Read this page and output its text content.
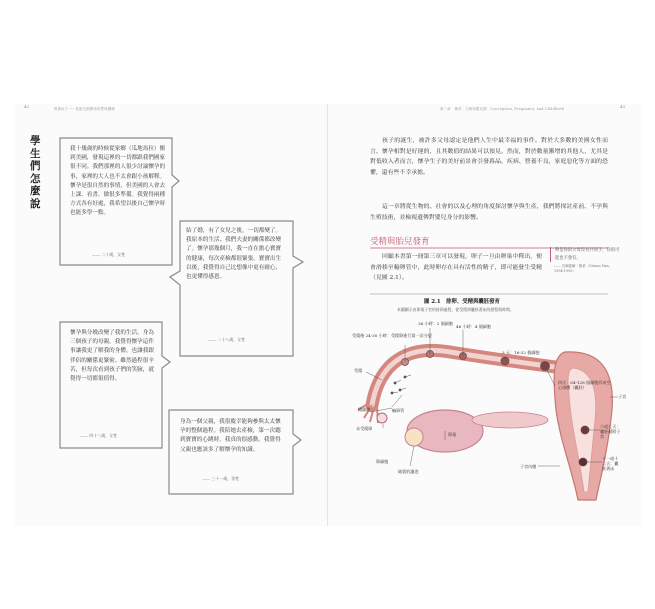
42	教養孩子 ── 從胎兒期開始的愛與關懷
學
生
們
怎
麼
說
我十幾歲的時候從家鄉（瓜地馬拉）搬到美國，發現這裡的一切都跟我們國家很不同。我們那裡的人很少討論懷孕的事，家裡的大人也不太會跟小孩解釋。懷孕是很自然的事情，但美國的人會去上課、看書、做很多準備。我覺得兩種方式各有好處，我希望以後自己懷孕時也能多學一點。
—— 二十歲，女性
結了婚，有了女兒之後，一切都變了。我原本的生活、我們夫妻的關係都改變了。懷孕那幾個月，我一直在擔心寶寶的健康，每次產檢都很緊張。寶寶出生以後，我覺得自己比想像中更有耐心，也更懂得感恩。
—— 二十八歲，女性
懷孕與分娩改變了我的生活。身為三個孩子的母親，我覺得懷孕這件事讓我更了解我的身體，也讓我跟伴侶的關係更緊密。雖然過程很辛苦，但每次看到孩子們的笑臉，就覺得一切都很值得。
—— 四十三歲，女性
身為一個父親，我很慶幸能夠參與太太懷孕的整個過程。我陪她去產檢，第一次聽到寶寶的心跳時，我真的很感動。我覺得父親也應該多了解懷孕的知識。
—— 三十一歲，男性
第二章　懷孕、分娩與嬰兒期　Conception, Pregnancy, and Childbirth	43
孩子的誕生，被許多父母認定是他們人生中最幸福的事件。對於大多數的美國女性而言，懷孕相對是好運的，且其數值的結果可以預見。然而，對於數量漸增的其他人，尤其是對低收入者而言，懷孕生子的美好前景會引發暮晶、疾病、營養不良，家庭惡化等方面的恐懼，還有些不幸承擔。
這一章將從生物的、社會的以及心理的角度探討懷孕與生產，我們將探討產前、不孕與生殖技術，並檢視遺傳對嬰兒身分的影響。
受精與胎兒發育
回顧本書第一冊第三章可以發現，卵子一旦由卵巢中釋出，便會滑移至輸卵管中，此時卵存在具有活性的精子，即可能發生受精（見圖 2.1）。
卵是你的父母沒有共同子，你很可能也不會有。
—— 皮爾蓋爾・費萊（Gómez Dan，1954-1995）
圖 2.1　排卵、受精與囊胚發育
本圖顯示由卵巢子宮的排卵過程，從受精到囊胚著床的歷程與時間。
受精後 24-30 小時：受精卵進行第一次分裂
36 小時：2 個細胞
48 小時：4 個細胞
3 天：16-32 個細胞
四天：64-128 個細胞形成空心球體（囊胚）
受精
輸卵管
精細胞
未受精卵
卵巢
卵細胞
破裂的濾泡
子宮
六或七天：囊胚黏附子宮
十一或十二天：囊胚著床
子宮內膜
